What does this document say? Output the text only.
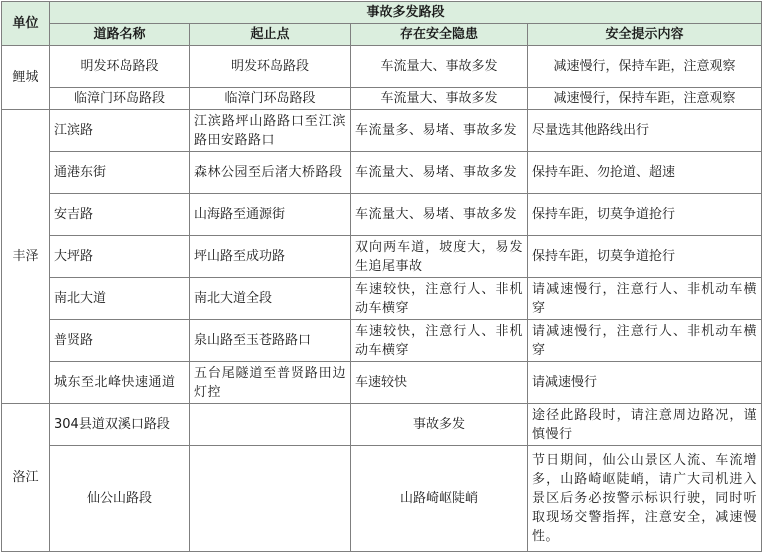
单位	事故多发路段			
	道路名称	起止点	存在安全隐患	安全提示内容
鲤城	明发环岛路段	明发环岛路段	车流量大、事故多发	减速慢行，保持车距，注意观察
	临漳门环岛路段	临漳门环岛路段	车流量大、事故多发	减速慢行，保持车距，注意观察
丰泽	江滨路	江滨路坪山路路口至江滨路田安路路口	车流量多、易堵、事故多发	尽量选其他路线出行
	通港东街	森林公园至后渚大桥路段	车流量大、易堵、事故多发	保持车距、勿抢道、超速
	安吉路	山海路至通源街	车流量大、易堵、事故多发	保持车距，切莫争道抢行
	大坪路	坪山路至成功路	双向两车道，坡度大，易发生追尾事故	保持车距，切莫争道抢行
	南北大道	南北大道全段	车速较快，注意行人、非机动车横穿	请减速慢行，注意行人、非机动车横穿
	普贤路	泉山路至玉苍路路口	车速较快，注意行人、非机动车横穿	请减速慢行，注意行人、非机动车横穿
	城东至北峰快速通道	五台尾隧道至普贤路田边灯控	车速较快	请减速慢行
洛江	304县道双溪口路段		事故多发	途径此路段时，请注意周边路况，谨慎慢行
	仙公山路段		山路崎岖陡峭	节日期间，仙公山景区人流、车流增多，山路崎岖陡峭，请广大司机进入景区后务必按警示标识行驶，同时听取现场交警指挥，注意安全，减速慢性。
